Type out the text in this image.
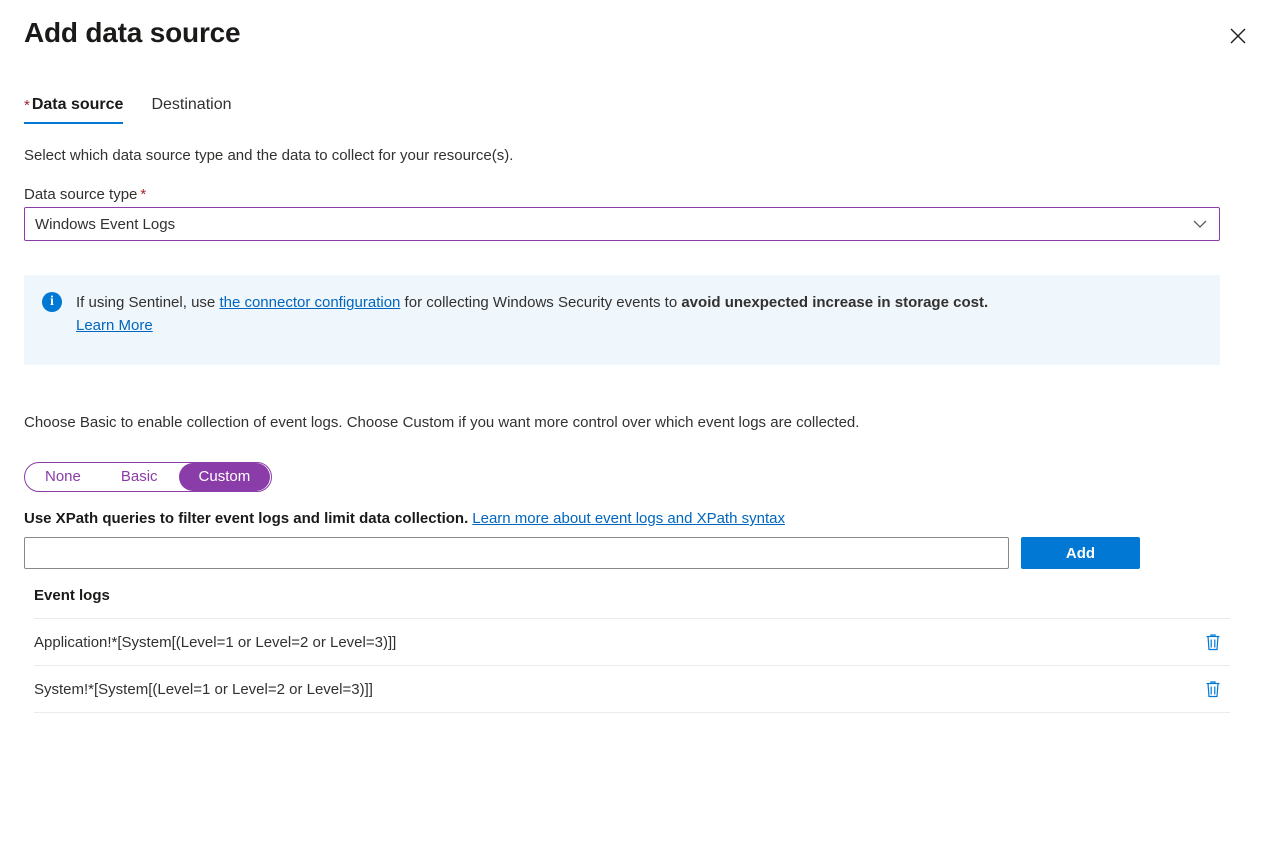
Add data source
* Data source Destination

Select which data source type and the data to collect for your resource(s).

Data source type *
Windows Event Logs
i	If using Sentinel, use the connector configuration for collecting Windows Security events to avoid unexpected increase in storage cost.
Learn More

Choose Basic to enable collection of event logs. Choose Custom if you want more control over which event logs are collected.

None	Basic	Custom
Use XPath queries to filter event logs and limit data collection. Learn more about event logs and XPath syntax
Add
Event logs
Application!*[System[(Level=1 or Level=2 or Level=3)]]
System!*[System[(Level=1 or Level=2 or Level=3)]]
